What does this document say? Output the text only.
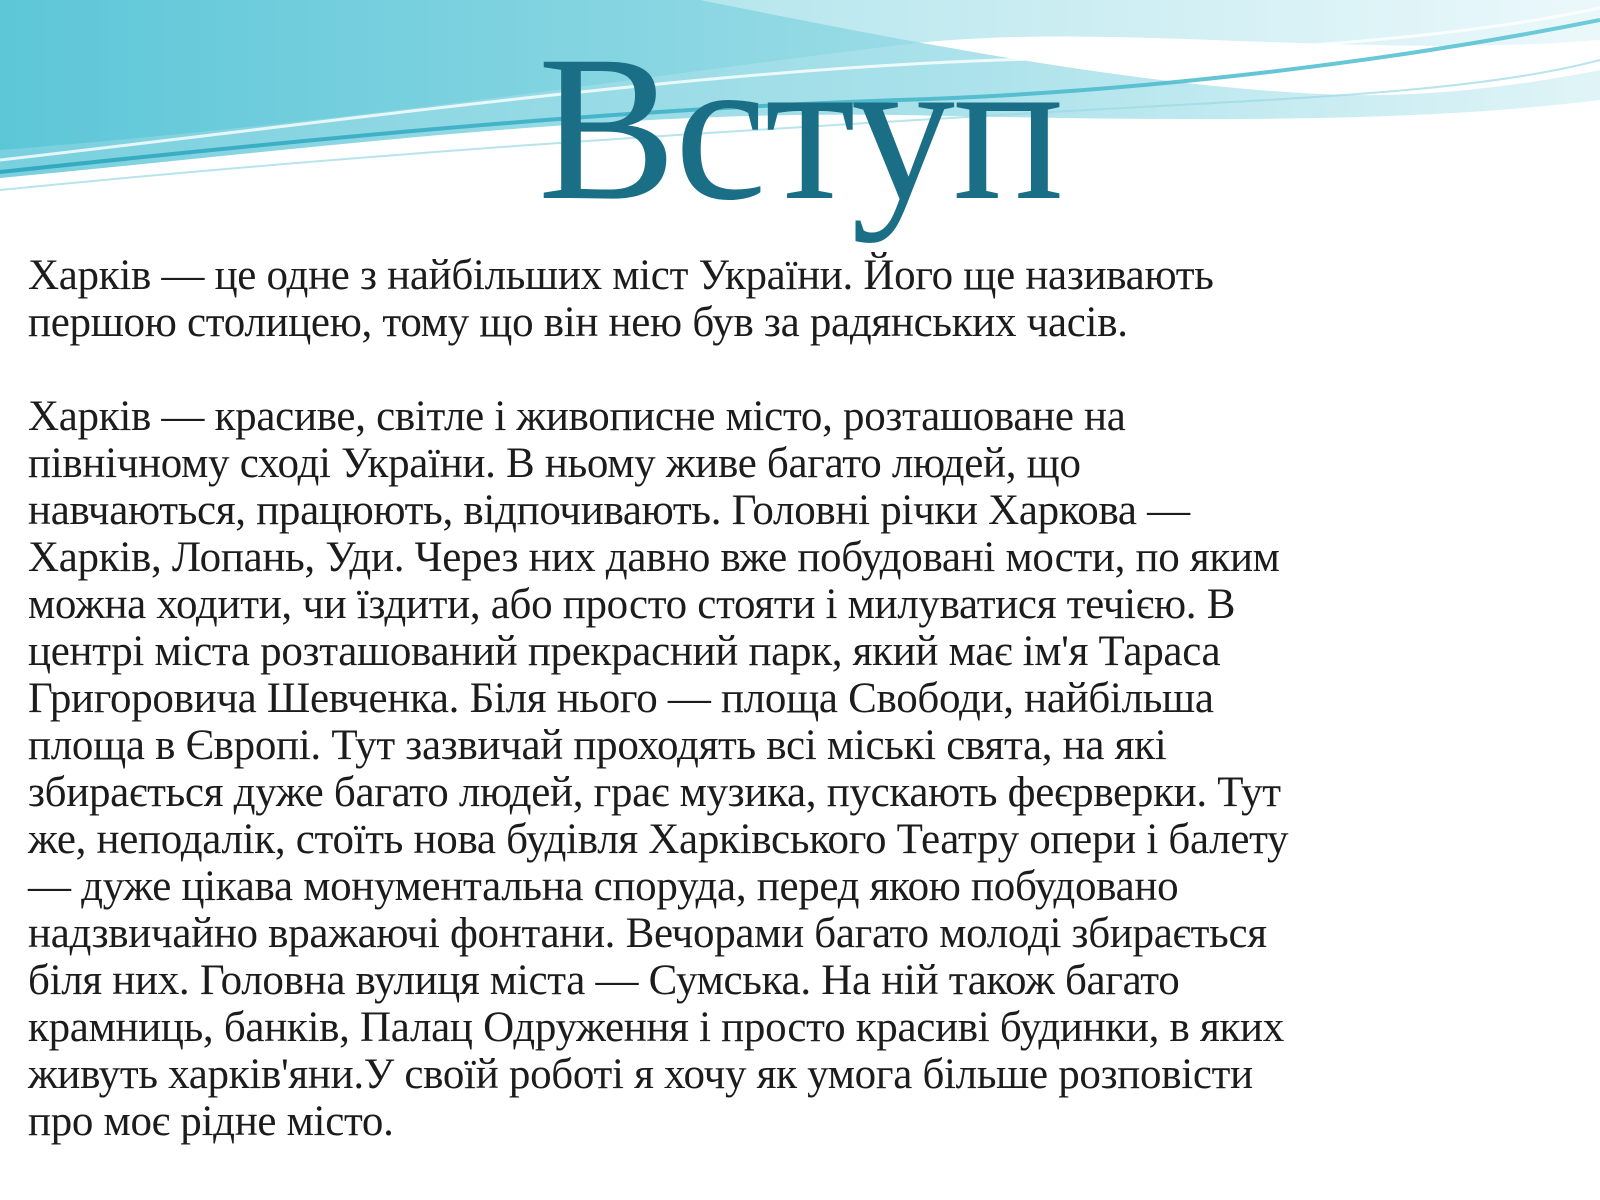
Вступ

Харків — це одне з найбільших міст України. Його ще називають
першою столицею, тому що він нею був за радянських часів.

Харків — красиве, світле і живописне місто, розташоване на
північному сході України. В ньому живе багато людей, що
навчаються, працюють, відпочивають. Головні річки Харкова —
Харків, Лопань, Уди. Через них давно вже побудовані мости, по яким
можна ходити, чи їздити, або просто стояти і милуватися течією. В
центрі міста розташований прекрасний парк, який має ім'я Тараса
Григоровича Шевченка. Біля нього — площа Свободи, найбільша
площа в Європі. Тут зазвичай проходять всі міські свята, на які
збирається дуже багато людей, грає музика, пускають феєрверки. Тут
же, неподалік, стоїть нова будівля Харківського Театру опери і балету
— дуже цікава монументальна споруда, перед якою побудовано
надзвичайно вражаючі фонтани. Вечорами багато молоді збирається
біля них. Головна вулиця міста — Сумська. На ній також багато
крамниць, банків, Палац Одруження і просто красиві будинки, в яких
живуть харків'яни.У своїй роботі я хочу як умога більше розповісти
про моє рідне місто.
